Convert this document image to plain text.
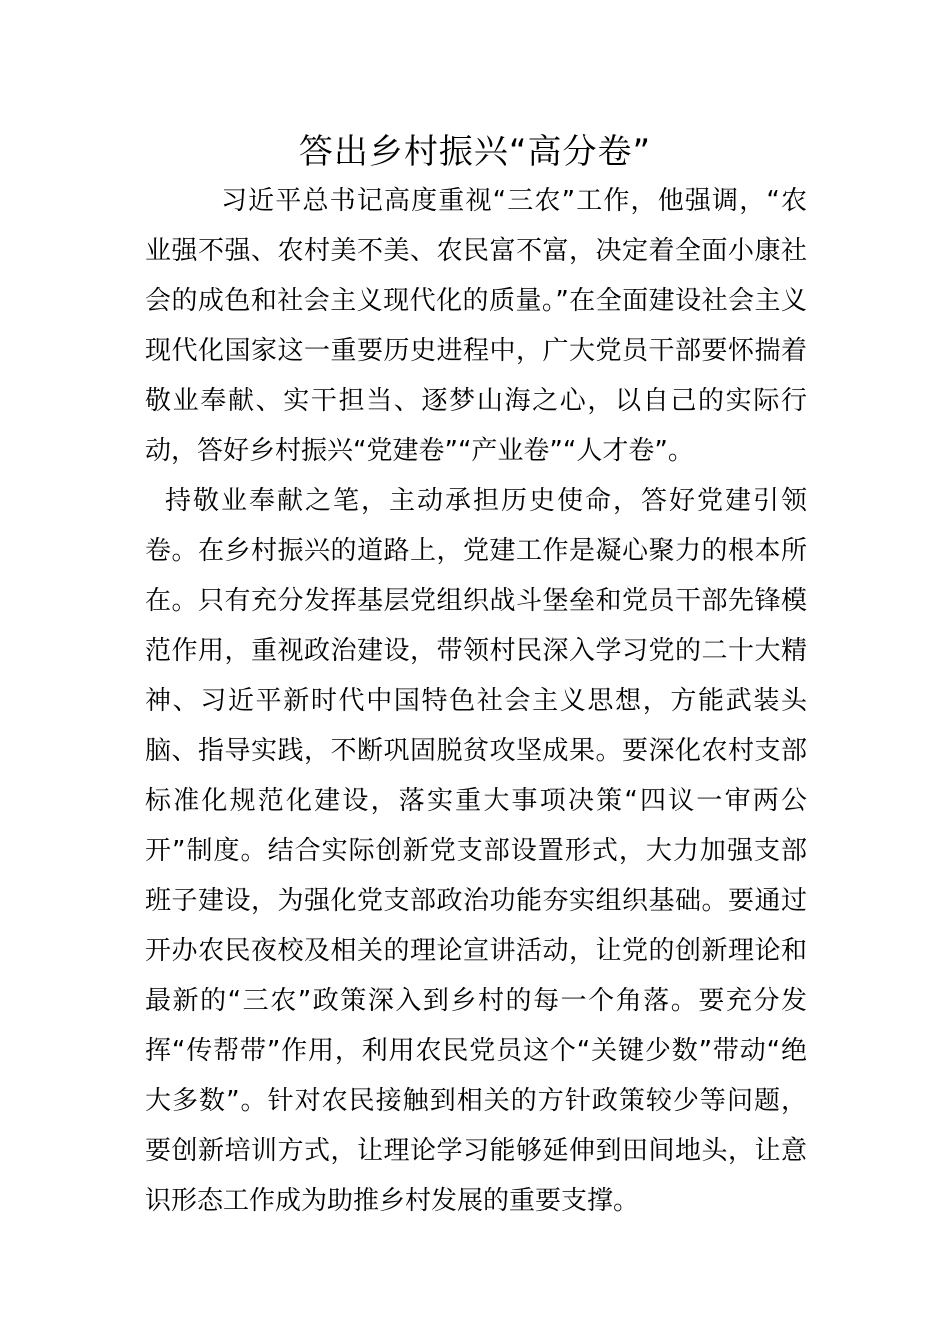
答出乡村振兴“高分卷”

习近平总书记高度重视“三农”工作，他强调，“农业强不强、农村美不美、农民富不富，决定着全面小康社会的成色和社会主义现代化的质量。”在全面建设社会主义现代化国家这一重要历史进程中，广大党员干部要怀揣着敬业奉献、实干担当、逐梦山海之心，以自己的实际行动，答好乡村振兴“党建卷”“产业卷”“人才卷”。

持敬业奉献之笔，主动承担历史使命，答好党建引领卷。在乡村振兴的道路上，党建工作是凝心聚力的根本所在。只有充分发挥基层党组织战斗堡垒和党员干部先锋模范作用，重视政治建设，带领村民深入学习党的二十大精神、习近平新时代中国特色社会主义思想，方能武装头脑、指导实践，不断巩固脱贫攻坚成果。要深化农村支部标准化规范化建设，落实重大事项决策“四议一审两公开”制度。结合实际创新党支部设置形式，大力加强支部班子建设，为强化党支部政治功能夯实组织基础。要通过开办农民夜校及相关的理论宣讲活动，让党的创新理论和最新的“三农”政策深入到乡村的每一个角落。要充分发挥“传帮带”作用，利用农民党员这个“关键少数”带动“绝大多数”。针对农民接触到相关的方针政策较少等问题，要创新培训方式，让理论学习能够延伸到田间地头，让意识形态工作成为助推乡村发展的重要支撑。
